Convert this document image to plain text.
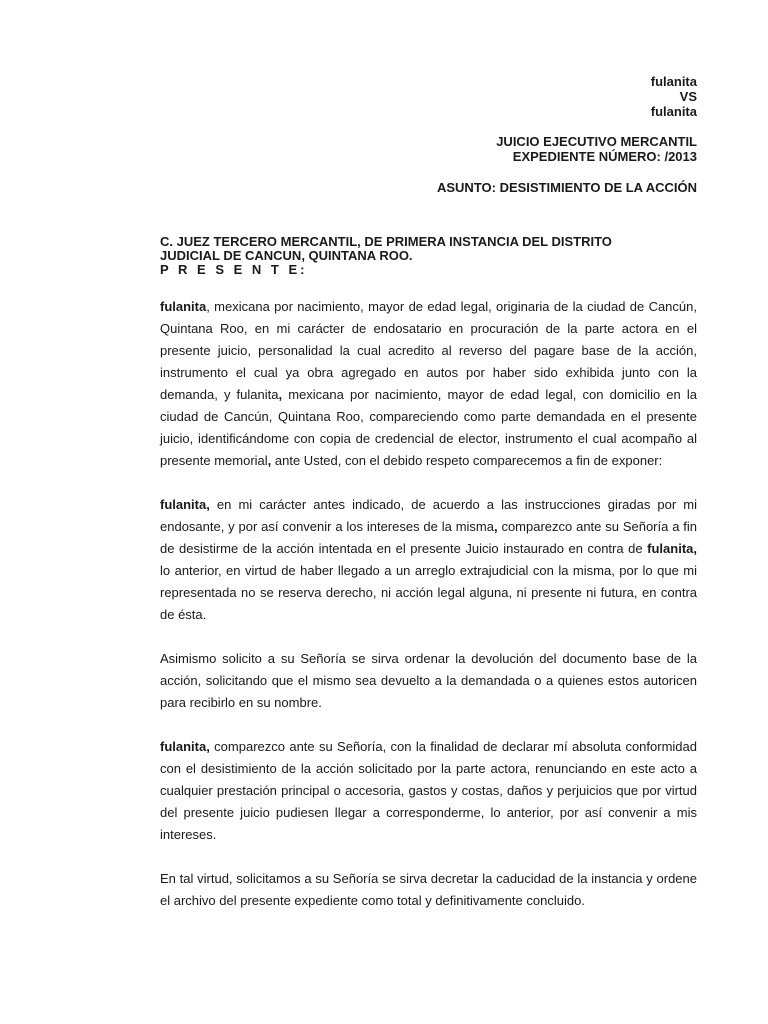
fulanita
VS
fulanita
JUICIO EJECUTIVO MERCANTIL
EXPEDIENTE NÚMERO: /2013
ASUNTO: DESISTIMIENTO DE LA ACCIÓN
C. JUEZ TERCERO MERCANTIL, DE PRIMERA INSTANCIA DEL DISTRITO
JUDICIAL DE CANCUN, QUINTANA ROO.
P R E S E N T E:

fulanita, mexicana por nacimiento, mayor de edad legal, originaria de la ciudad de Cancún, Quintana Roo, en mi carácter de endosatario en procuración de la parte actora en el presente juicio, personalidad la cual acredito al reverso del pagare base de la acción, instrumento el cual ya obra agregado en autos por haber sido exhibida junto con la demanda, y fulanita, mexicana por nacimiento, mayor de edad legal, con domicilio en la ciudad de Cancún, Quintana Roo, compareciendo como parte demandada en el presente juicio, identificándome con copia de credencial de elector, instrumento el cual acompaño al presente memorial, ante Usted, con el debido respeto comparecemos a fin de exponer:

fulanita, en mi carácter antes indicado, de acuerdo a las instrucciones giradas por mi endosante, y por así convenir a los intereses de la misma, comparezco ante su Señoría a fin de desistirme de la acción intentada en el presente Juicio instaurado en contra de fulanita, lo anterior, en virtud de haber llegado a un arreglo extrajudicial con la misma, por lo que mi representada no se reserva derecho, ni acción legal alguna, ni presente ni futura, en contra de ésta.

Asimismo solicito a su Señoría se sirva ordenar la devolución del documento base de la acción, solicitando que el mismo sea devuelto a la demandada o a quienes estos autoricen para recibirlo en su nombre.

fulanita, comparezco ante su Señoría, con la finalidad de declarar mí absoluta conformidad con el desistimiento de la acción solicitado por la parte actora, renunciando en este acto a cualquier prestación principal o accesoria, gastos y costas, daños y perjuicios que por virtud del presente juicio pudiesen llegar a corresponderme, lo anterior, por así convenir a mis intereses.

En tal virtud, solicitamos a su Señoría se sirva decretar la caducidad de la instancia y ordene el archivo del presente expediente como total y definitivamente concluido.
